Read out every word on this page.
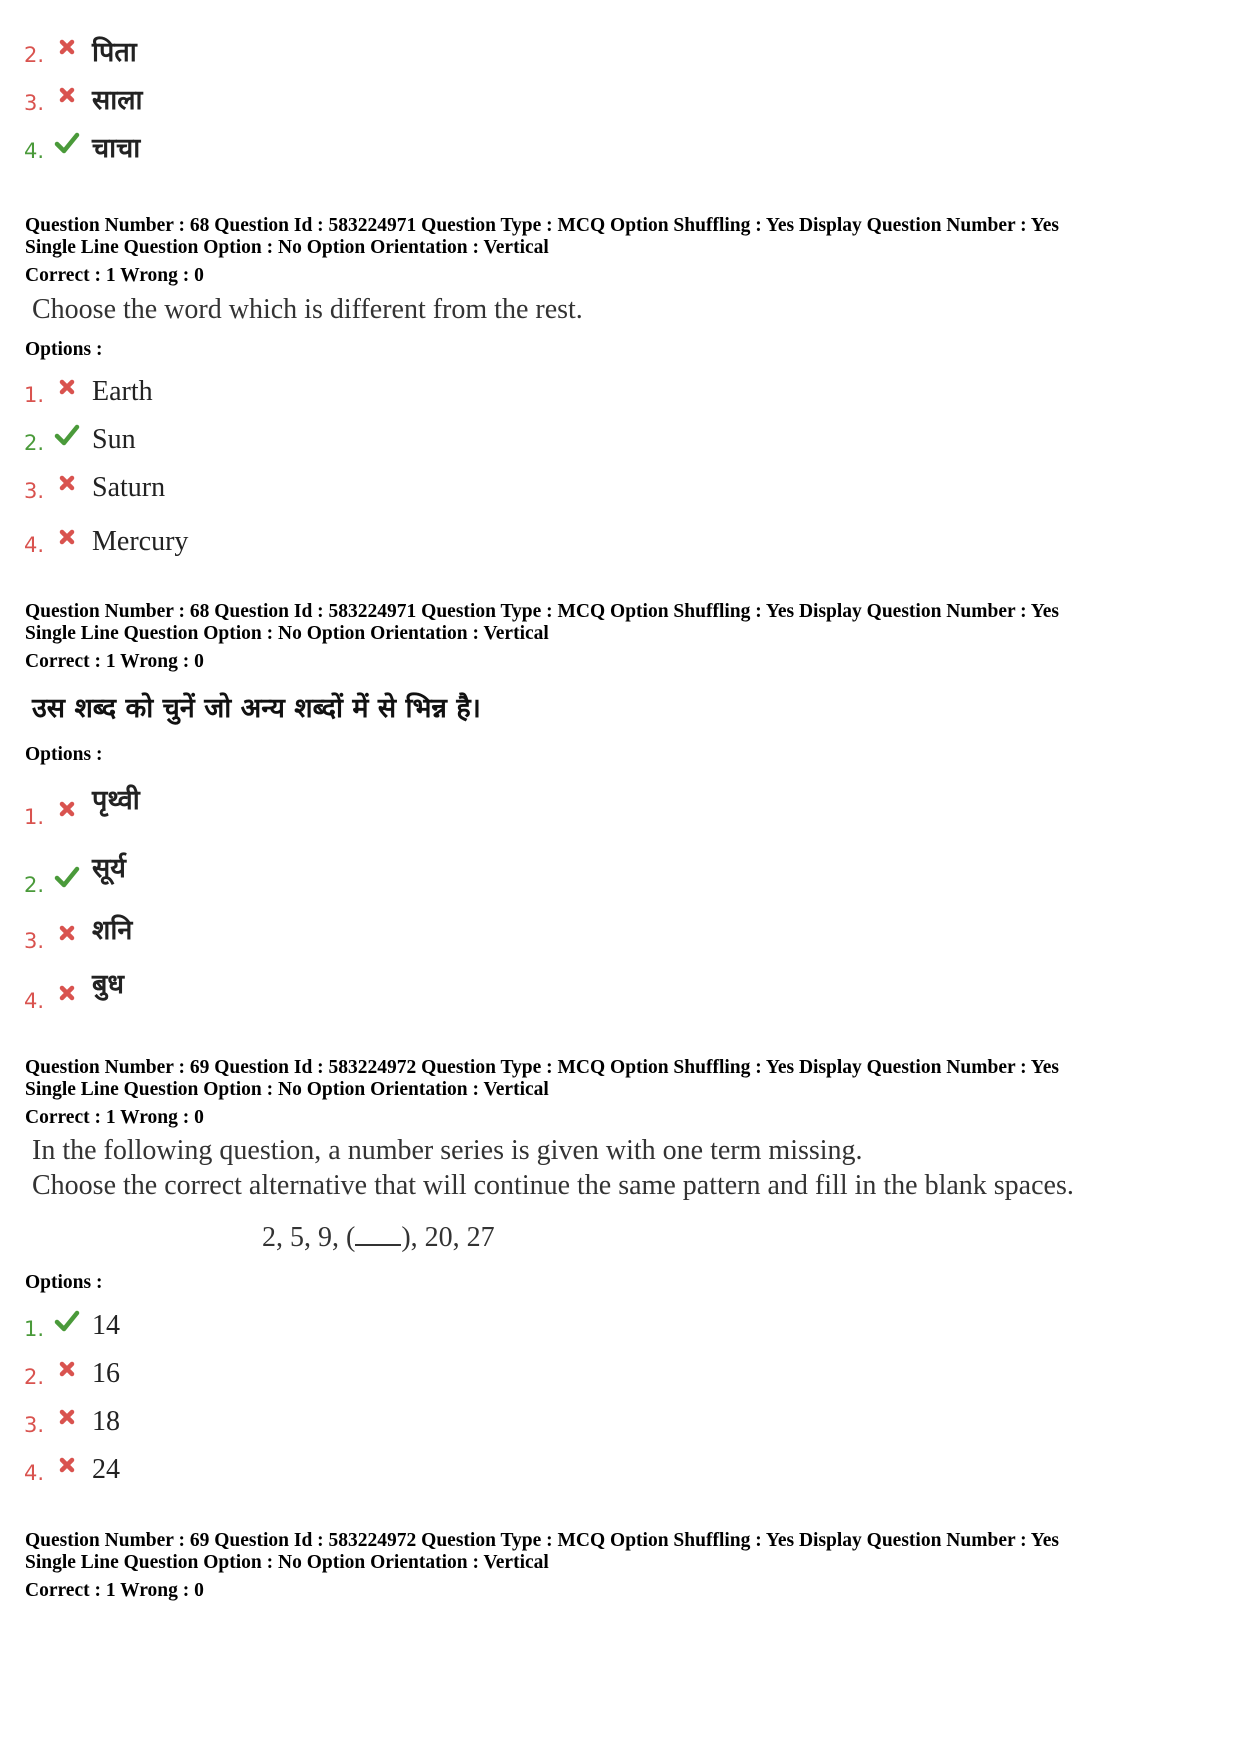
2. पिता
3. साला
4. चाचा
Question Number : 68 Question Id : 583224971 Question Type : MCQ Option Shuffling : Yes Display Question Number : Yes
Single Line Question Option : No Option Orientation : Vertical
Correct : 1 Wrong : 0
Choose the word which is different from the rest.
Options :
1. Earth
2. Sun
3. Saturn
4. Mercury
Question Number : 68 Question Id : 583224971 Question Type : MCQ Option Shuffling : Yes Display Question Number : Yes
Single Line Question Option : No Option Orientation : Vertical
Correct : 1 Wrong : 0
उस शब्द को चुनें जो अन्य शब्दों में से भिन्न है।
Options :
1.
पृथ्वी
2.
सूर्य
3. शनि
4.
बुध
Question Number : 69 Question Id : 583224972 Question Type : MCQ Option Shuffling : Yes Display Question Number : Yes
Single Line Question Option : No Option Orientation : Vertical
Correct : 1 Wrong : 0
In the following question, a number series is given with one term missing.
Choose the correct alternative that will continue the same pattern and fill in the blank spaces.
2, 5, 9, ( ), 20, 27
Options :
1. 14
2. 16
3. 18
4. 24
Question Number : 69 Question Id : 583224972 Question Type : MCQ Option Shuffling : Yes Display Question Number : Yes
Single Line Question Option : No Option Orientation : Vertical
Correct : 1 Wrong : 0
